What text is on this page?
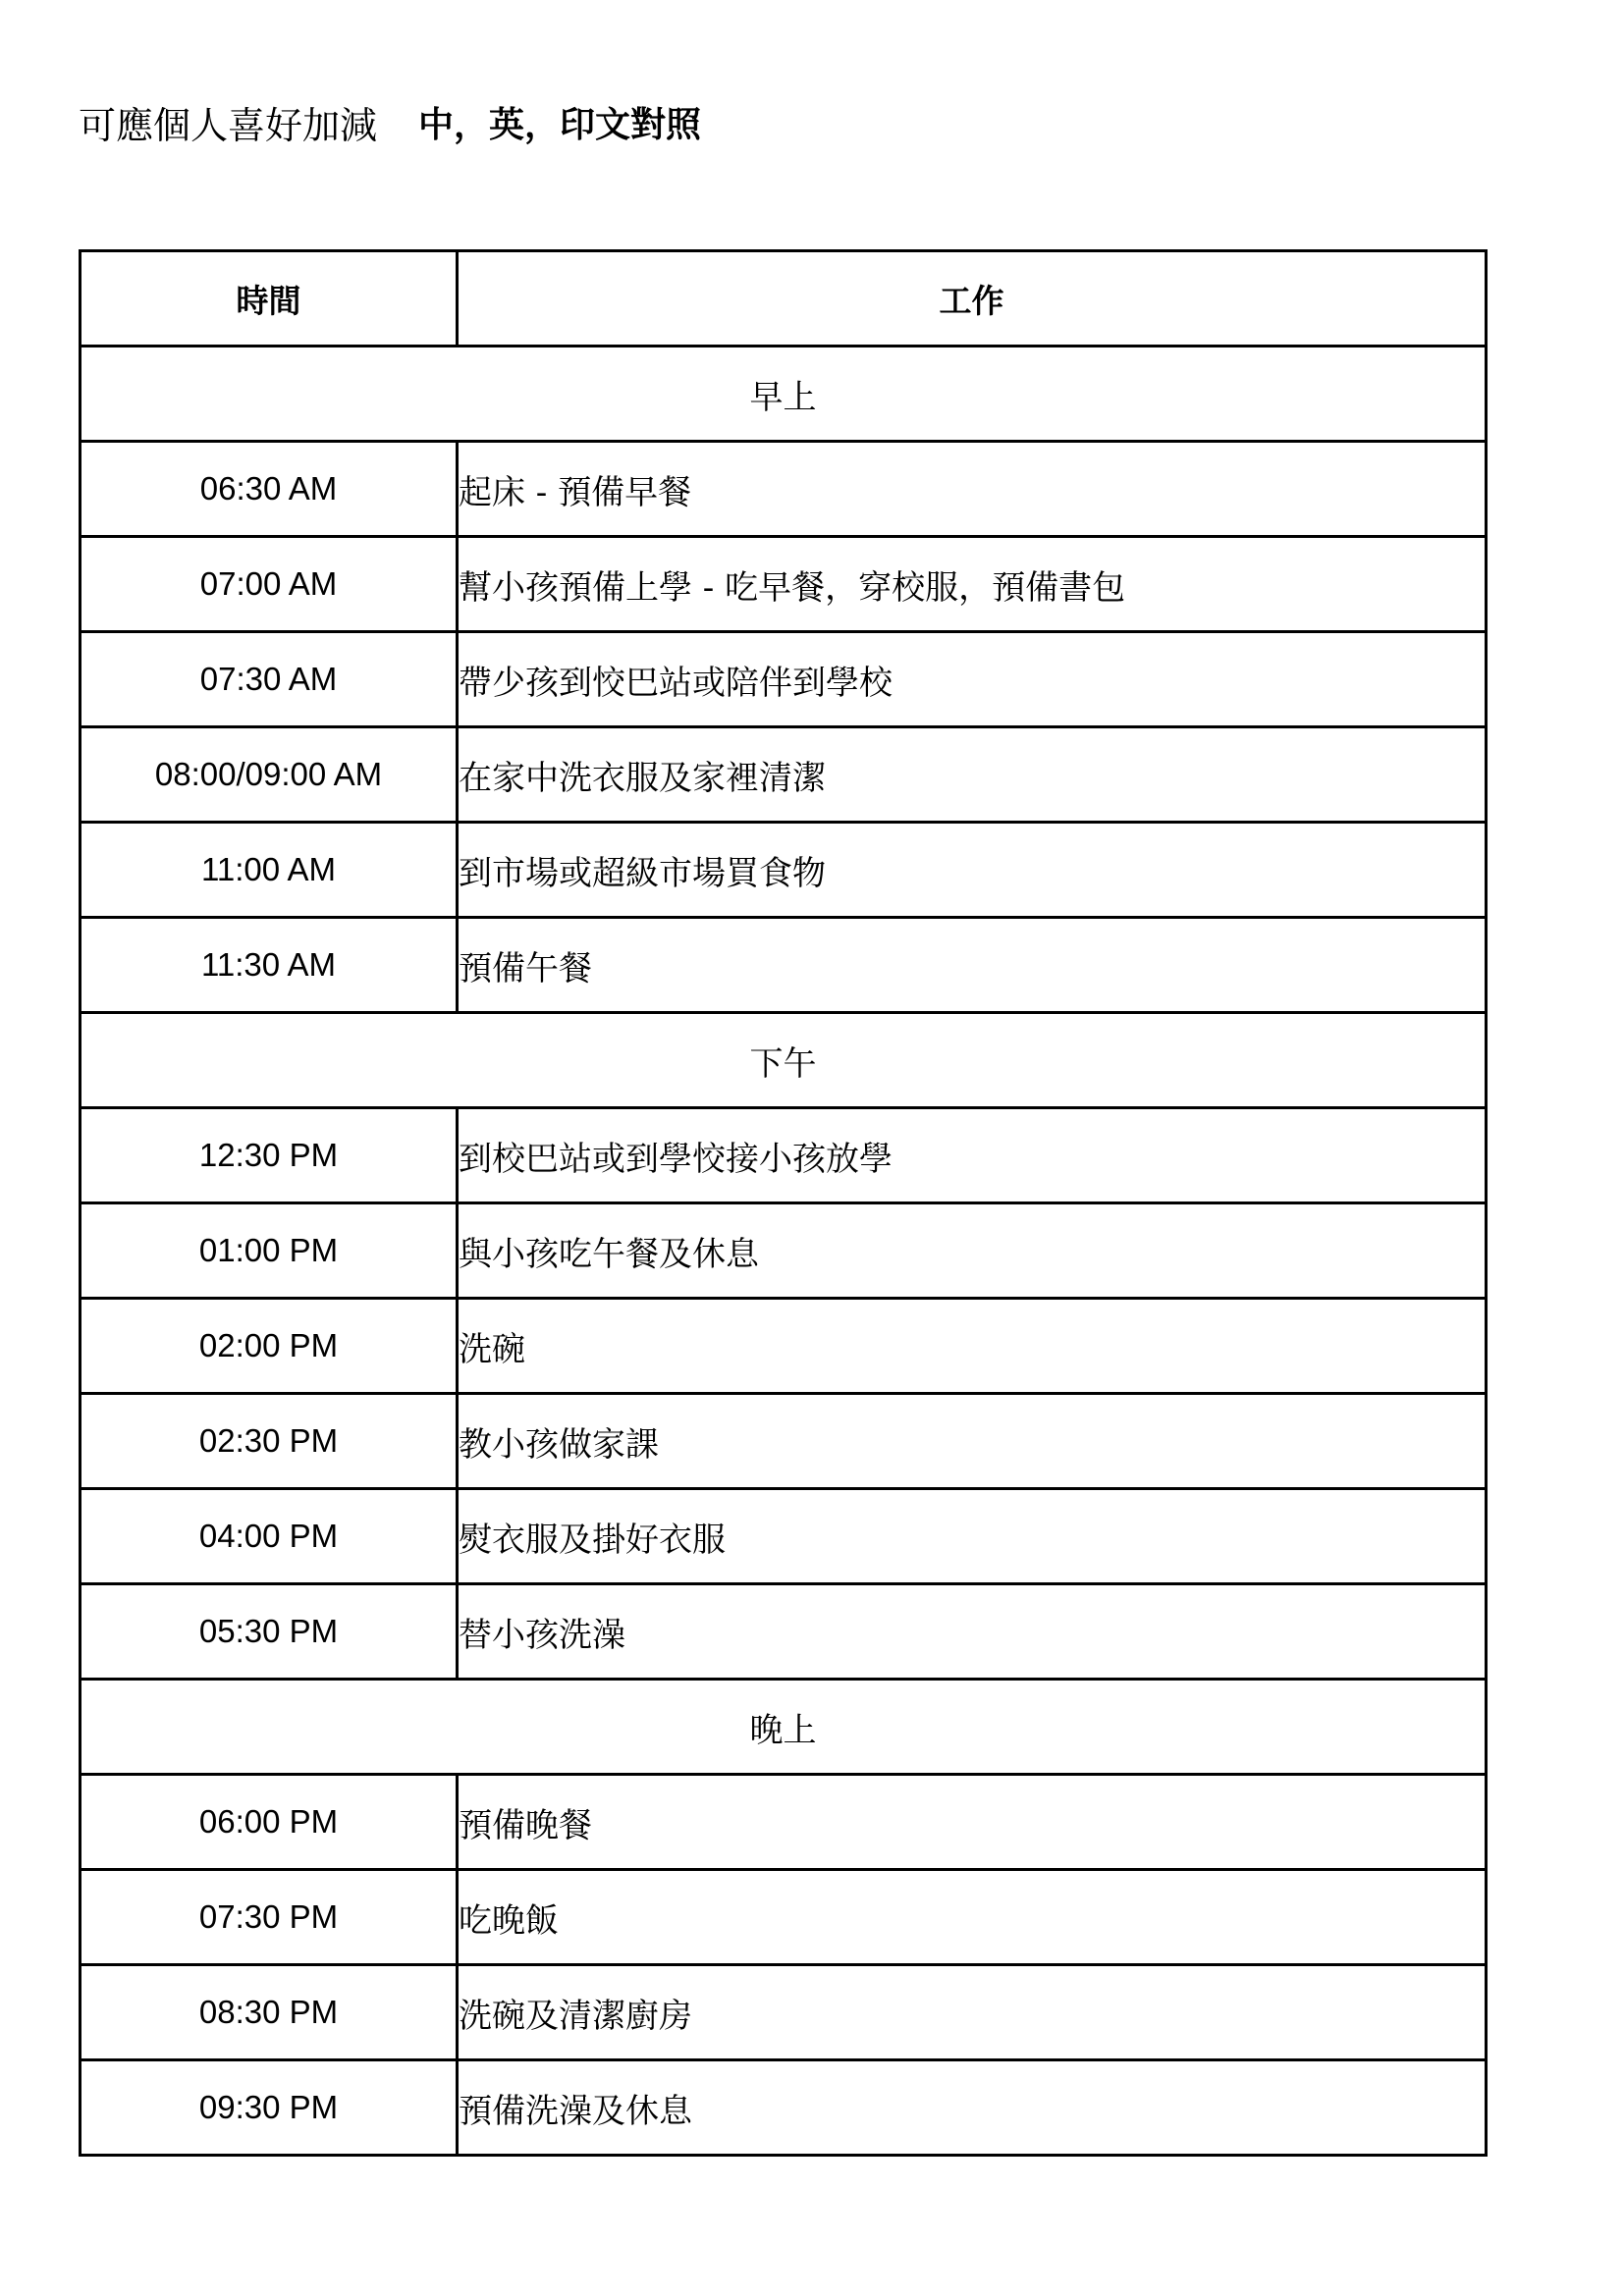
可應個人喜好加減 中，英，印文對照
時間	工作
早上	
06:30 AM	起床 - 預備早餐
07:00 AM	幫小孩預備上學 - 吃早餐，穿校服，預備書包
07:30 AM	帶少孩到恔巴站或陪伴到學校
08:00/09:00 AM	在家中洗衣服及家裡清潔
11:00 AM	到市場或超級市場買食物
11:30 AM	預備午餐
下午	
12:30 PM	到校巴站或到學恔接小孩放學
01:00 PM	與小孩吃午餐及休息
02:00 PM	洗碗
02:30 PM	教小孩做家課
04:00 PM	熨衣服及掛好衣服
05:30 PM	替小孩洗澡
晚上	
06:00 PM	預備晚餐
07:30 PM	吃晚飯
08:30 PM	洗碗及清潔廚房
09:30 PM	預備洗澡及休息
